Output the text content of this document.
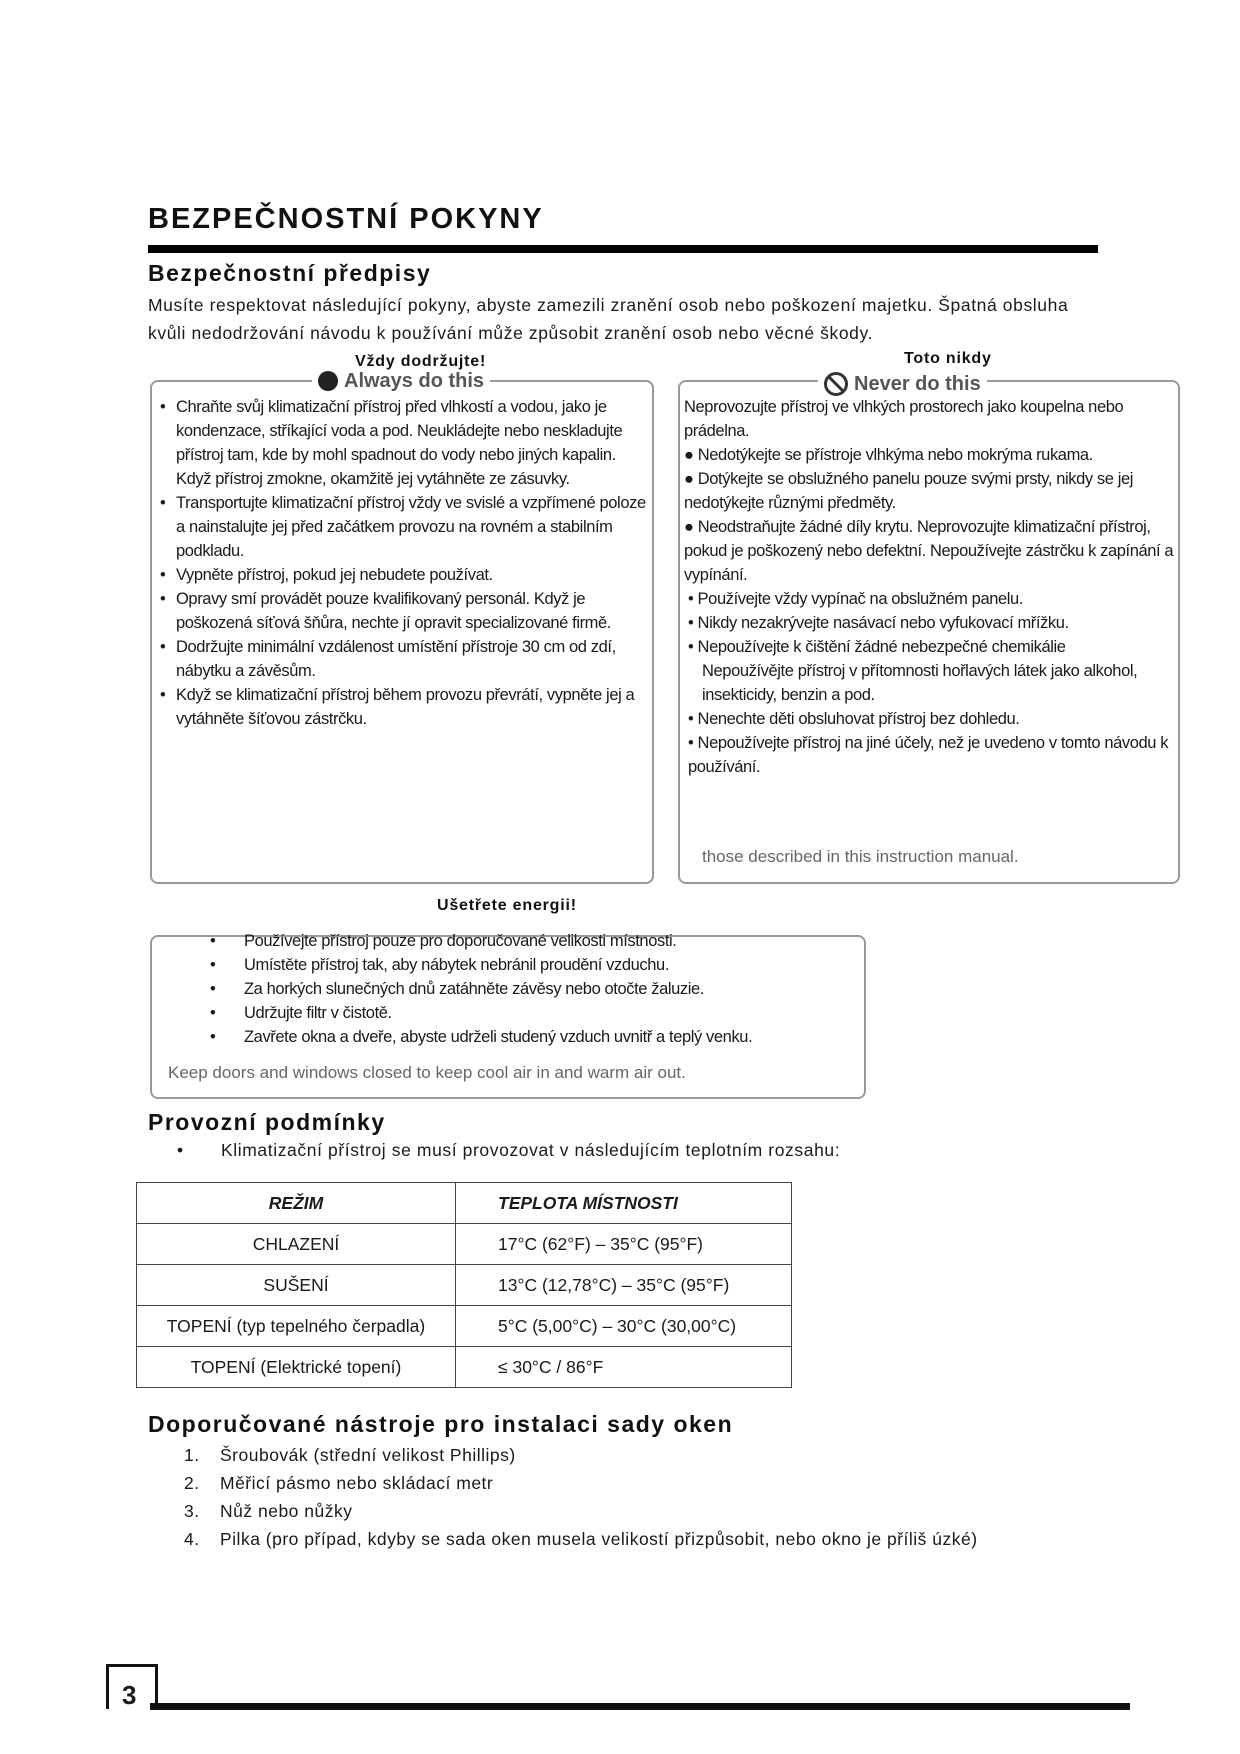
BEZPEČNOSTNÍ POKYNY
Bezpečnostní předpisy

Musíte respektovat následující pokyny, abyste zamezili zranění osob nebo poškození majetku. Špatná obsluha kvůli nedodržování návodu k používání může způsobit zranění osob nebo věcné škody.

Always do this
Vždy dodržujte!
• Chraňte svůj klimatizační přístroj před vlhkostí a vodou, jako je kondenzace, stříkající voda a pod. Neukládejte nebo neskladujte přístroj tam, kde by mohl spadnout do vody nebo jiných kapalin. Když přístroj zmokne, okamžitě jej vytáhněte ze zásuvky.
• Transportujte klimatizační přístroj vždy ve svislé a vzpřímené poloze a nainstalujte jej před začátkem provozu na rovném a stabilním podkladu.
• Vypněte přístroj, pokud jej nebudete používat.
• Opravy smí provádět pouze kvalifikovaný personál. Když je poškozená síťová šňůra, nechte jí opravit specializované firmě.
• Dodržujte minimální vzdálenost umístění přístroje 30 cm od zdí, nábytku a závěsům.
• Když se klimatizační přístroj během provozu převrátí, vypněte jej a vytáhněte šíťovou zástrčku.
Never do this
Toto nikdy
Neprovozujte přístroj ve vlhkých prostorech jako koupelna nebo prádelna.
● Nedotýkejte se přístroje vlhkýma nebo mokrýma rukama.
● Dotýkejte se obslužného panelu pouze svými prsty, nikdy se jej nedotýkejte různými předměty.
● Neodstraňujte žádné díly krytu. Neprovozujte klimatizační přístroj, pokud je poškozený nebo defektní. Nepoužívejte zástrčku k zapínání a vypínání.
• Používejte vždy vypínač na obslužném panelu.
• Nikdy nezakrývejte nasávací nebo vyfukovací mřížku.
• Nepoužívejte k čištění žádné nebezpečné chemikálie
Nepoužívějte přístroj v přítomnosti hořlavých látek jako alkohol, insekticidy, benzin a pod.
• Nenechte děti obsluhovat přístroj bez dohledu.
• Nepoužívejte přístroj na jiné účely, než je uvedeno v tomto návodu k používání.
those described in this instruction manual.
Ušetřete energii!
• Používejte přístroj pouze pro doporučované velikosti místnosti.
• Umístěte přístroj tak, aby nábytek nebránil proudění vzduchu.
• Za horkých slunečných dnů zatáhněte závěsy nebo otočte žaluzie.
• Udržujte filtr v čistotě.
• Zavřete okna a dveře, abyste udrželi studený vzduch uvnitř a teplý venku.
Keep doors and windows closed to keep cool air in and warm air out.
Provozní podmínky

• Klimatizační přístroj se musí provozovat v následujícím teplotním rozsahu:

REŽIM	TEPLOTA MÍSTNOSTI
CHLAZENÍ	17°C (62°F) – 35°C (95°F)
SUŠENÍ	13°C (12,78°C) – 35°C (95°F)
TOPENÍ (typ tepelného čerpadla)	5°C (5,00°C) – 30°C (30,00°C)
TOPENÍ (Elektrické topení)	≤ 30°C / 86°F
Doporučované nástroje pro instalaci sady oken
1. Šroubovák (střední velikost Phillips)
2. Měřicí pásmo nebo skládací metr
3. Nůž nebo nůžky
4. Pilka (pro případ, kdyby se sada oken musela velikostí přizpůsobit, nebo okno je příliš úzké)
3
